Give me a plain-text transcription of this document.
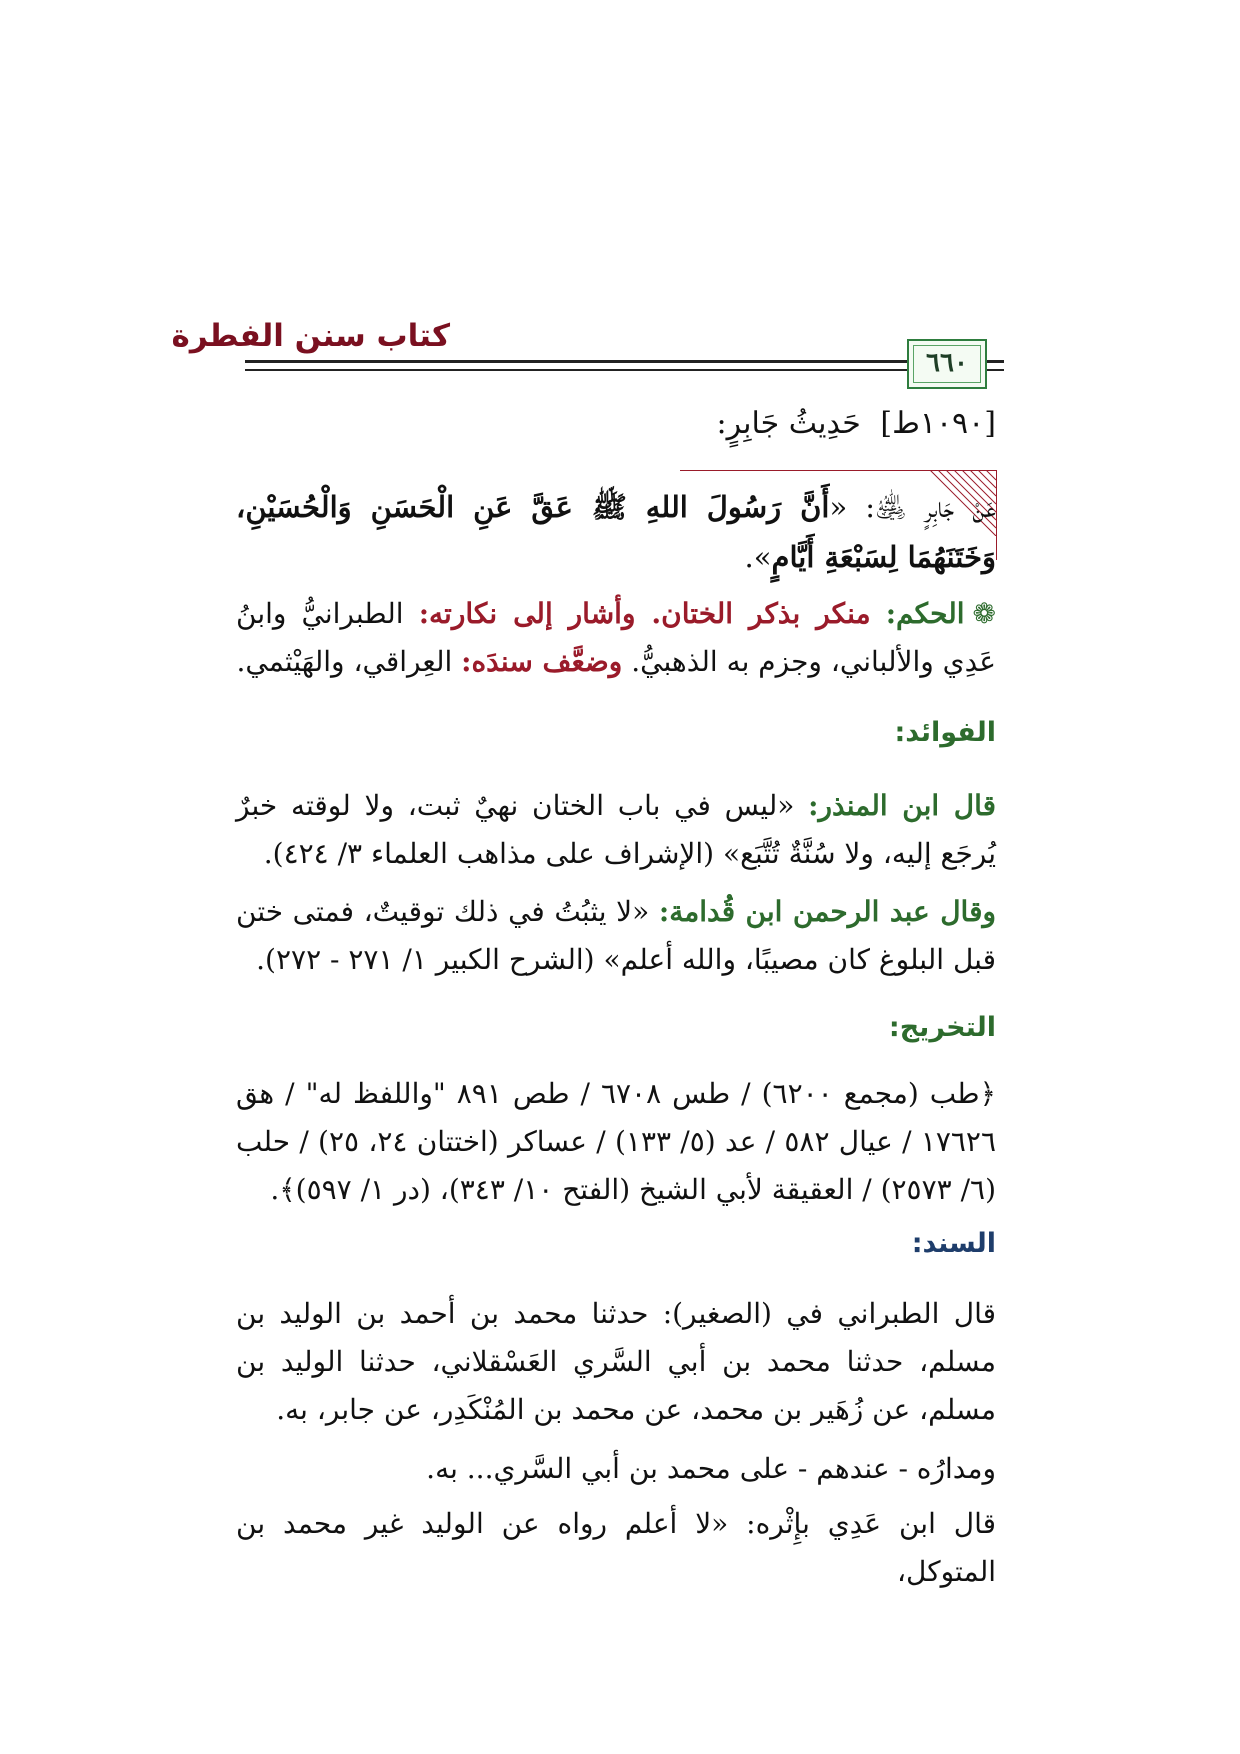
كتاب سنن الفطرة
٦٦٠
[١٠٩٠ط] حَدِيثُ جَابِرٍ:
عَنْ جَابِرٍ ﵁: «أَنَّ رَسُولَ اللهِ ﷺ عَقَّ عَنِ الْحَسَنِ وَالْحُسَيْنِ، وَخَتَنَهُمَا لِسَبْعَةِ أَيَّامٍ».
❁الحكم: منكر بذكر الختان. وأشار إلى نكارته: الطبرانيُّ وابنُ عَدِي والألباني، وجزم به الذهبيُّ. وضعَّف سندَه: العِراقي، والهَيْثمي.
الفوائد:
قال ابن المنذر: «ليس في باب الختان نهيٌ ثبت، ولا لوقته خبرٌ يُرجَع إليه، ولا سُنَّةٌ تُتَّبَع» (الإشراف على مذاهب العلماء ٣/ ٤٢٤).
وقال عبد الرحمن ابن قُدامة: «لا يثبُتُ في ذلك توقيتٌ، فمتى ختن قبل البلوغ كان مصيبًا، والله أعلم» (الشرح الكبير ١/ ٢٧١ - ٢٧٢).
التخريج:
﴿طب (مجمع ٦٢٠٠) / طس ٦٧٠٨ / طص ٨٩١ "واللفظ له" / هق ١٧٦٢٦ / عيال ٥٨٢ / عد (٥/ ١٣٣) / عساكر (اختتان ٢٤، ٢٥) / حلب (٦/ ٢٥٧٣) / العقيقة لأبي الشيخ (الفتح ١٠/ ٣٤٣)، (در ١/ ٥٩٧)﴾.
السند:
قال الطبراني في (الصغير): حدثنا محمد بن أحمد بن الوليد بن مسلم، حدثنا محمد بن أبي السَّري العَسْقلاني، حدثنا الوليد بن مسلم، عن زُهَير بن محمد، عن محمد بن المُنْكَدِر، عن جابر، به.
ومدارُه - عندهم - على محمد بن أبي السَّري... به.
قال ابن عَدِي بإِثْره: «لا أعلم رواه عن الوليد غير محمد بن المتوكل،
